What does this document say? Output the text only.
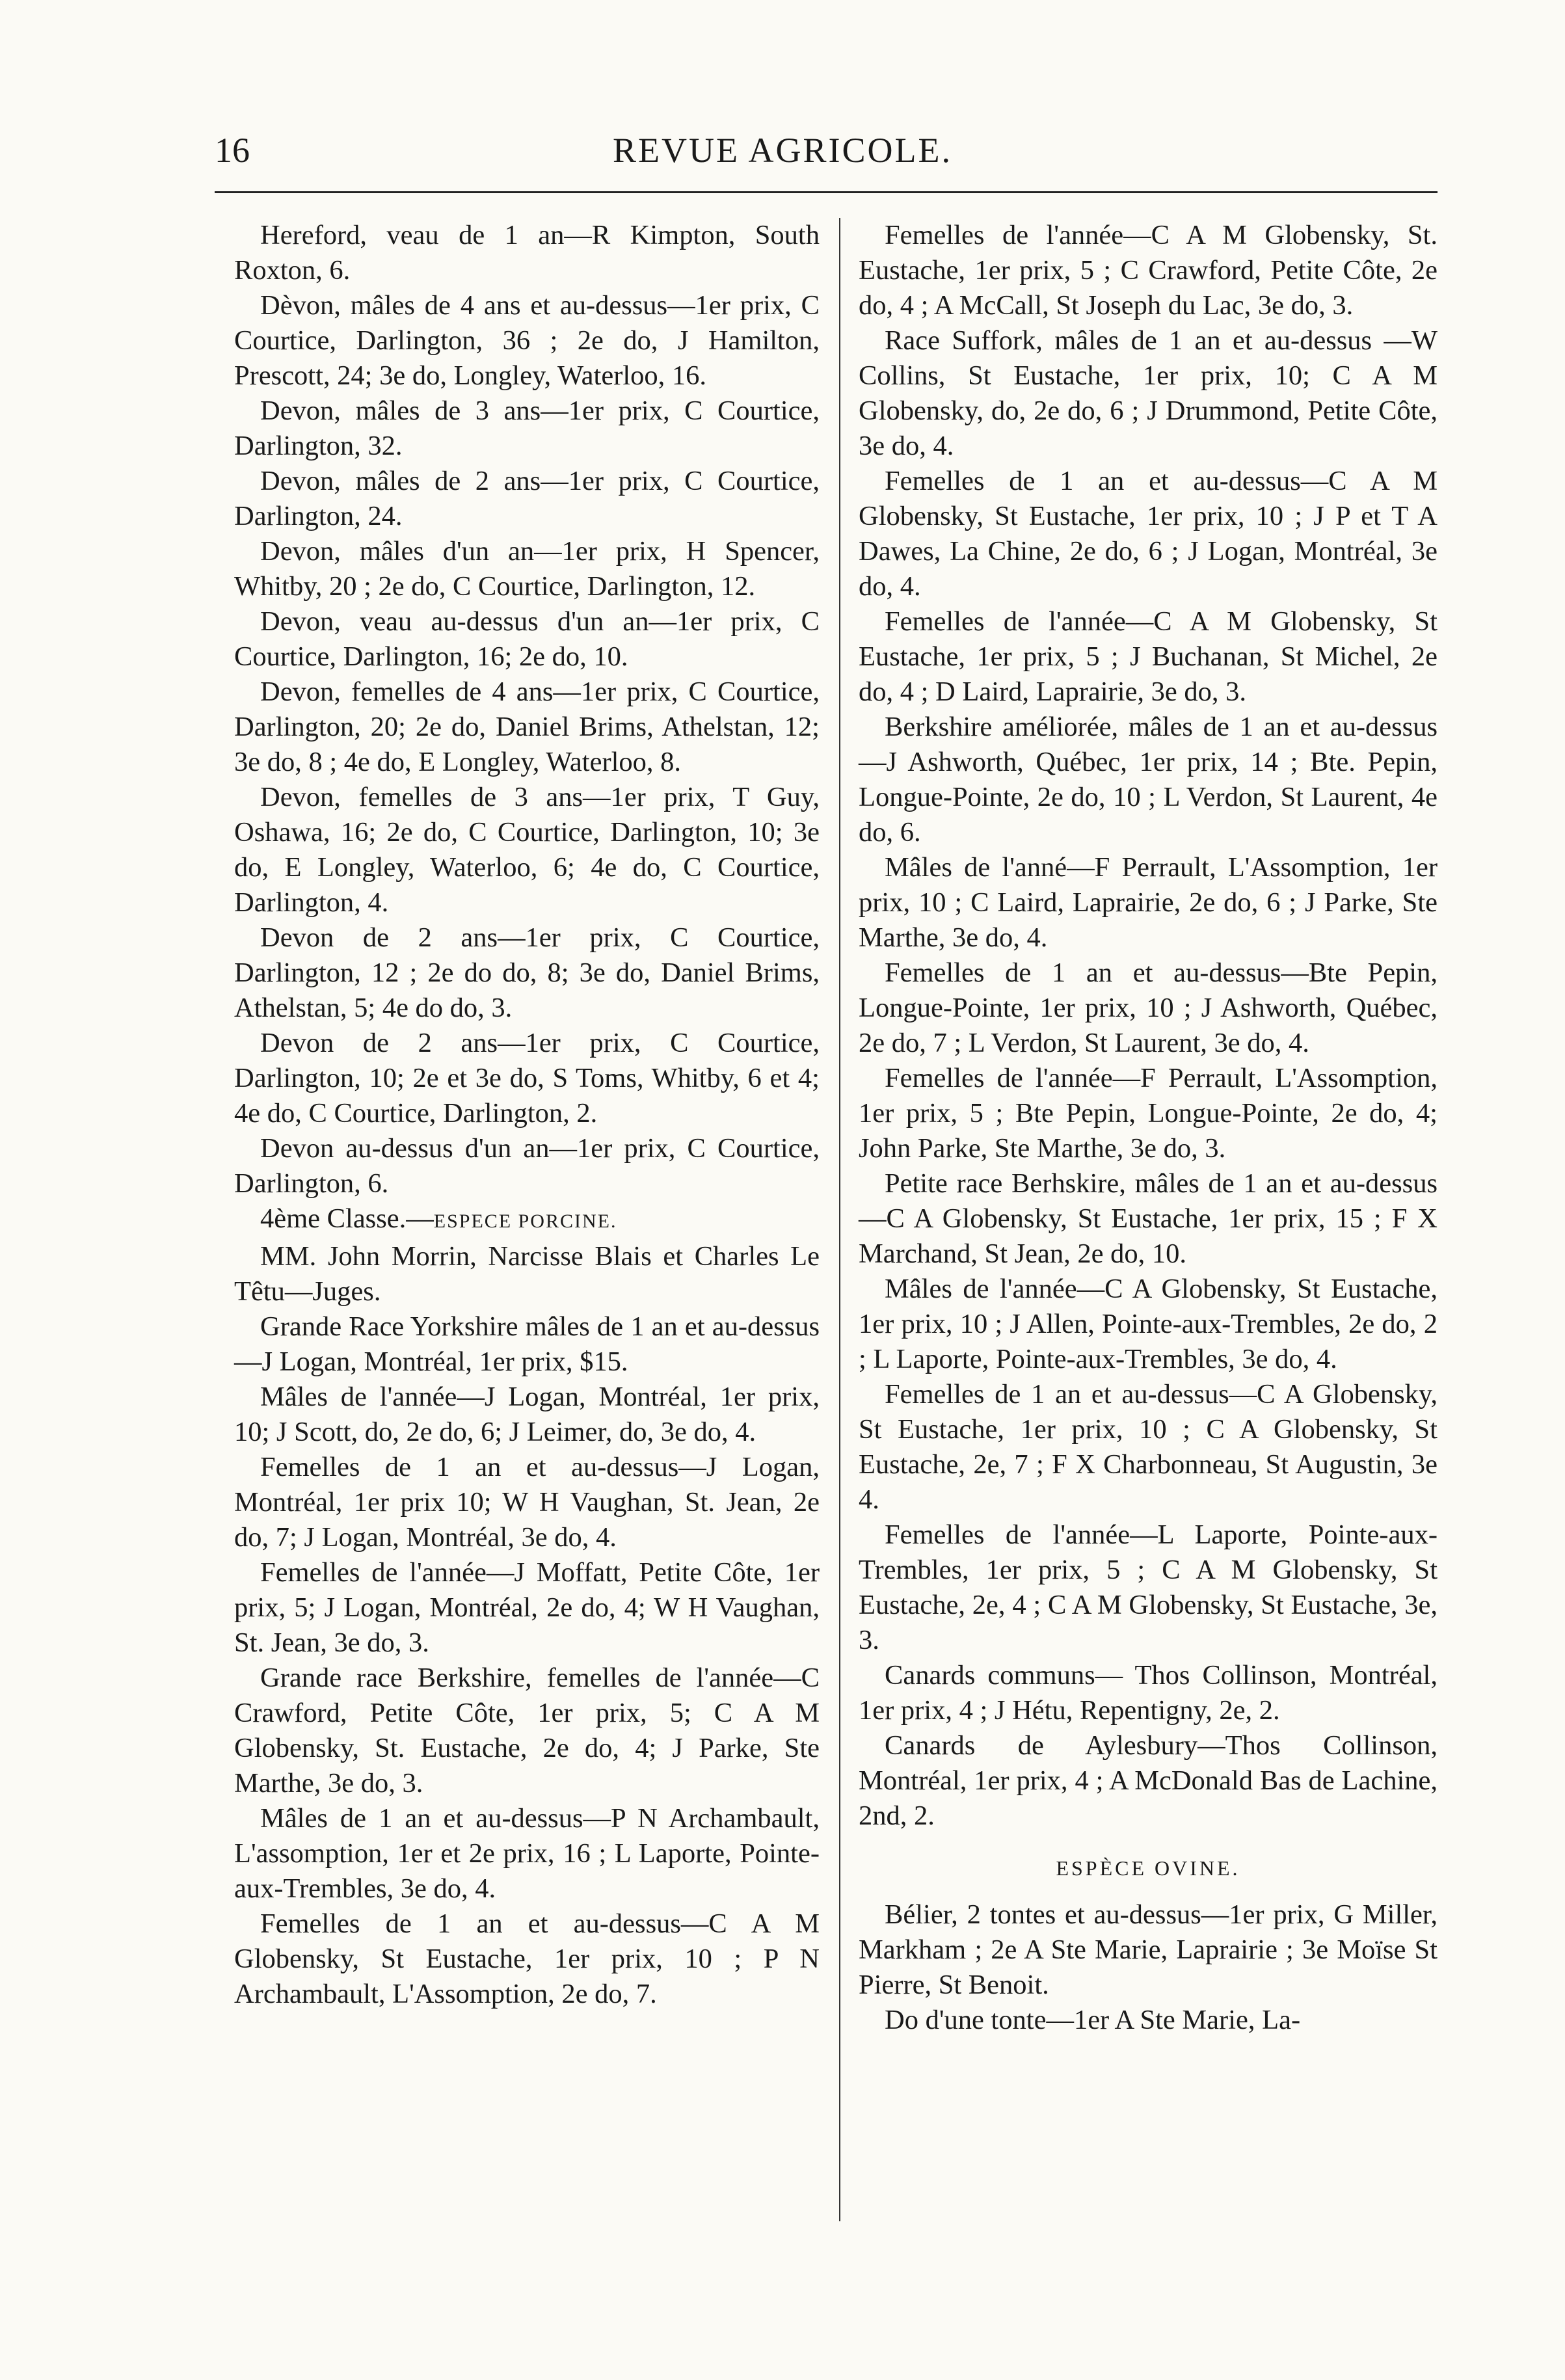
16	REVUE AGRICOLE.

Hereford, veau de 1 an—R Kimpton, South Roxton, 6.

Dèvon, mâles de 4 ans et au-dessus—1er prix, C Courtice, Darlington, 36 ; 2e do, J Hamilton, Prescott, 24; 3e do, Longley, Waterloo, 16.

Devon, mâles de 3 ans—1er prix, C Courtice, Darlington, 32.

Devon, mâles de 2 ans—1er prix, C Courtice, Darlington, 24.

Devon, mâles d'un an—1er prix, H Spencer, Whitby, 20 ; 2e do, C Courtice, Darlington, 12.

Devon, veau au-dessus d'un an—1er prix, C Courtice, Darlington, 16; 2e do, 10.

Devon, femelles de 4 ans—1er prix, C Courtice, Darlington, 20; 2e do, Daniel Brims, Athelstan, 12; 3e do, 8 ; 4e do, E Longley, Waterloo, 8.

Devon, femelles de 3 ans—1er prix, T Guy, Oshawa, 16; 2e do, C Courtice, Darlington, 10; 3e do, E Longley, Waterloo, 6; 4e do, C Courtice, Darlington, 4.

Devon de 2 ans—1er prix, C Courtice, Darlington, 12 ; 2e do do, 8; 3e do, Daniel Brims, Athelstan, 5; 4e do do, 3.

Devon de 2 ans—1er prix, C Courtice, Darlington, 10; 2e et 3e do, S Toms, Whitby, 6 et 4; 4e do, C Courtice, Darlington, 2.

Devon au-dessus d'un an—1er prix, C Courtice, Darlington, 6.

4ème Classe.—ESPECE PORCINE.

MM. John Morrin, Narcisse Blais et Charles Le Têtu—Juges.

Grande Race Yorkshire mâles de 1 an et au-dessus—J Logan, Montréal, 1er prix, $15.

Mâles de l'année—J Logan, Montréal, 1er prix, 10; J Scott, do, 2e do, 6; J Leimer, do, 3e do, 4.

Femelles de 1 an et au-dessus—J Logan, Montréal, 1er prix 10; W H Vaughan, St. Jean, 2e do, 7; J Logan, Montréal, 3e do, 4.

Femelles de l'année—J Moffatt, Petite Côte, 1er prix, 5; J Logan, Montréal, 2e do, 4; W H Vaughan, St. Jean, 3e do, 3.

Grande race Berkshire, femelles de l'année—C Crawford, Petite Côte, 1er prix, 5; C A M Globensky, St. Eustache, 2e do, 4; J Parke, Ste Marthe, 3e do, 3.

Mâles de 1 an et au-dessus—P N Archambault, L'assomption, 1er et 2e prix, 16 ; L Laporte, Pointe-aux-Trembles, 3e do, 4.

Femelles de 1 an et au-dessus—C A M Globensky, St Eustache, 1er prix, 10 ; P N Archambault, L'Assomption, 2e do, 7.

Femelles de l'année—C A M Globensky, St. Eustache, 1er prix, 5 ; C Crawford, Petite Côte, 2e do, 4 ; A McCall, St Joseph du Lac, 3e do, 3.

Race Suffork, mâles de 1 an et au-dessus —W Collins, St Eustache, 1er prix, 10; C A M Globensky, do, 2e do, 6 ; J Drummond, Petite Côte, 3e do, 4.

Femelles de 1 an et au-dessus—C A M Globensky, St Eustache, 1er prix, 10 ; J P et T A Dawes, La Chine, 2e do, 6 ; J Logan, Montréal, 3e do, 4.

Femelles de l'année—C A M Globensky, St Eustache, 1er prix, 5 ; J Buchanan, St Michel, 2e do, 4 ; D Laird, Laprairie, 3e do, 3.

Berkshire améliorée, mâles de 1 an et au-dessus—J Ashworth, Québec, 1er prix, 14 ; Bte. Pepin, Longue-Pointe, 2e do, 10 ; L Verdon, St Laurent, 4e do, 6.

Mâles de l'anné—F Perrault, L'Assomption, 1er prix, 10 ; C Laird, Laprairie, 2e do, 6 ; J Parke, Ste Marthe, 3e do, 4.

Femelles de 1 an et au-dessus—Bte Pepin, Longue-Pointe, 1er prix, 10 ; J Ashworth, Québec, 2e do, 7 ; L Verdon, St Laurent, 3e do, 4.

Femelles de l'année—F Perrault, L'Assomption, 1er prix, 5 ; Bte Pepin, Longue-Pointe, 2e do, 4; John Parke, Ste Marthe, 3e do, 3.

Petite race Berhskire, mâles de 1 an et au-dessus—C A Globensky, St Eustache, 1er prix, 15 ; F X Marchand, St Jean, 2e do, 10.

Mâles de l'année—C A Globensky, St Eustache, 1er prix, 10 ; J Allen, Pointe-aux-Trembles, 2e do, 2 ; L Laporte, Pointe-aux-Trembles, 3e do, 4.

Femelles de 1 an et au-dessus—C A Globensky, St Eustache, 1er prix, 10 ; C A Globensky, St Eustache, 2e, 7 ; F X Charbonneau, St Augustin, 3e 4.

Femelles de l'année—L Laporte, Pointe-aux-Trembles, 1er prix, 5 ; C A M Globensky, St Eustache, 2e, 4 ; C A M Globensky, St Eustache, 3e, 3.

Canards communs— Thos Collinson, Montréal, 1er prix, 4 ; J Hétu, Repentigny, 2e, 2.

Canards de Aylesbury—Thos Collinson, Montréal, 1er prix, 4 ; A McDonald Bas de Lachine, 2nd, 2.

ESPÈCE OVINE.

Bélier, 2 tontes et au-dessus—1er prix, G Miller, Markham ; 2e A Ste Marie, Laprairie ; 3e Moïse St Pierre, St Benoit.

Do d'une tonte—1er A Ste Marie, La-
